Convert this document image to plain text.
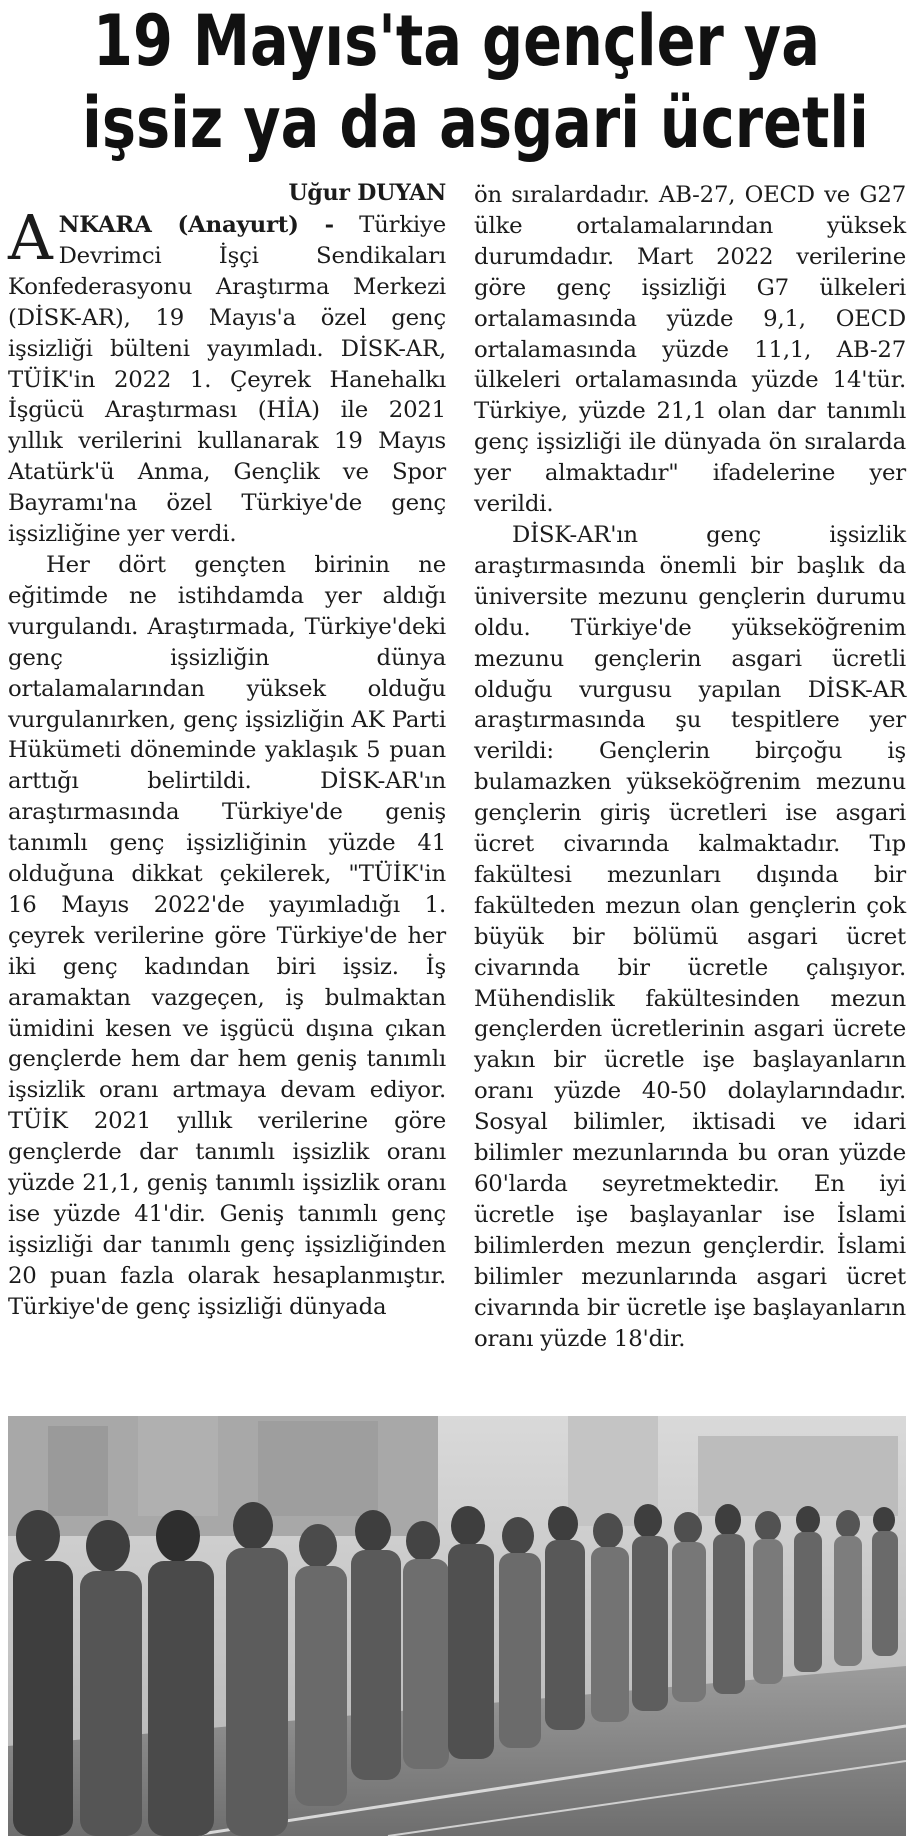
19 Mayıs'ta gençler ya
işsiz ya da asgari ücretli
Uğur DUYAN

ANKARA (Anayurt) - Türkiye Devrimci İşçi Sendikaları Konfederasyonu Araştırma Merkezi (DİSK-AR), 19 Mayıs'a özel genç işsizliği bülteni yayımladı. DİSK-AR, TÜİK'in 2022 1. Çeyrek Hanehalkı İşgücü Araştırması (HİA) ile 2021 yıllık verilerini kullanarak 19 Mayıs Atatürk'ü Anma, Gençlik ve Spor Bayramı'na özel Türkiye'de genç işsizliğine yer verdi.

Her dört gençten birinin ne eğitimde ne istihdamda yer aldığı vurgulandı. Araştırmada, Türkiye'deki genç işsizliğin dünya ortalamalarından yüksek olduğu vurgulanırken, genç işsizliğin AK Parti Hükümeti döneminde yaklaşık 5 puan arttığı belirtildi. DİSK-AR'ın araştırmasında Türkiye'de geniş tanımlı genç işsizliğinin yüzde 41 olduğuna dikkat çekilerek, "TÜİK'in 16 Mayıs 2022'de yayımladığı 1. çeyrek verilerine göre Türkiye'de her iki genç kadından biri işsiz. İş aramaktan vazgeçen, iş bulmaktan ümidini kesen ve işgücü dışına çıkan gençlerde hem dar hem geniş tanımlı işsizlik oranı artmaya devam ediyor. TÜİK 2021 yıllık verilerine göre gençlerde dar tanımlı işsizlik oranı yüzde 21,1, geniş tanımlı işsizlik oranı ise yüzde 41'dir. Geniş tanımlı genç işsizliği dar tanımlı genç işsizliğinden 20 puan fazla olarak hesaplanmıştır. Türkiye'de genç işsizliği dünyada

ön sıralardadır. AB-27, OECD ve G27 ülke ortalamalarından yüksek durumdadır. Mart 2022 verilerine göre genç işsizliği G7 ülkeleri ortalamasında yüzde 9,1, OECD ortalamasında yüzde 11,1, AB-27 ülkeleri ortalamasında yüzde 14'tür. Türkiye, yüzde 21,1 olan dar tanımlı genç işsizliği ile dünyada ön sıralarda yer almaktadır" ifadelerine yer verildi.

DİSK-AR'ın genç işsizlik araştırmasında önemli bir başlık da üniversite mezunu gençlerin durumu oldu. Türkiye'de yükseköğrenim mezunu gençlerin asgari ücretli olduğu vurgusu yapılan DİSK-AR araştırmasında şu tespitlere yer verildi: Gençlerin birçoğu iş bulamazken yükseköğrenim mezunu gençlerin giriş ücretleri ise asgari ücret civarında kalmaktadır. Tıp fakültesi mezunları dışında bir fakülteden mezun olan gençlerin çok büyük bir bölümü asgari ücret civarında bir ücretle çalışıyor. Mühendislik fakültesinden mezun gençlerden ücretlerinin asgari ücrete yakın bir ücretle işe başlayanların oranı yüzde 40-50 dolaylarındadır. Sosyal bilimler, iktisadi ve idari bilimler mezunlarında bu oran yüzde 60'larda seyretmektedir. En iyi ücretle işe başlayanlar ise İslami bilimlerden mezun gençlerdir. İslami bilimler mezunlarında asgari ücret civarında bir ücretle işe başlayanların oranı yüzde 18'dir.
